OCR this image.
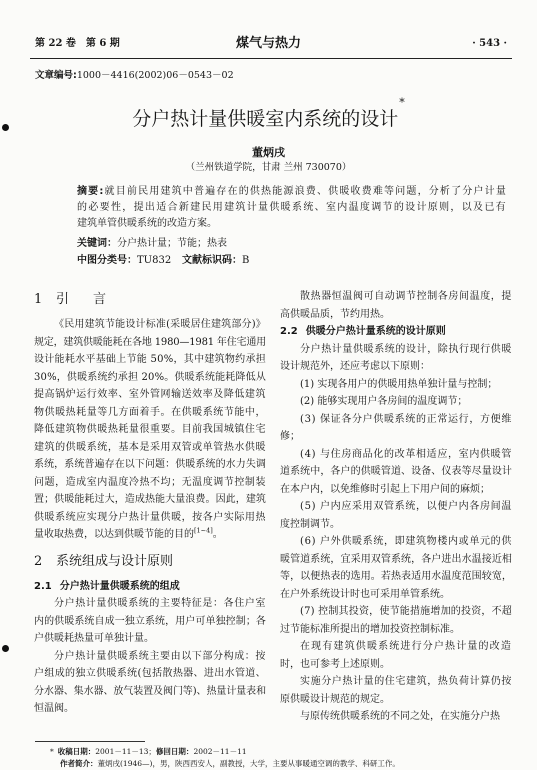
第 22 卷　第 6 期	煤气与热力	· 543 ·
文章编号:1000－4416(2002)06－0543－02
分户热计量供暖室内系统的设计*
董炳戌
（兰州铁道学院，甘肃 兰州 730070）
摘要:就目前民用建筑中普遍存在的供热能源浪费、供暖收费难等问题，分析了分户计量
的必要性，提出适合新建民用建筑计量供暖系统、室内温度调节的设计原则，以及已有
建筑单管供暖系统的改造方案。
关键词：分户热计量；节能；热表
中图分类号：TU832 文献标识码：B
1 引言
《民用建筑节能设计标准(采暖居住建筑部分)》
规定，建筑供暖能耗在各地 1980—1981 年住宅通用
设计能耗水平基础上节能 50%，其中建筑物约承担
30%，供暖系统约承担 20%。供暖系统能耗降低从
提高锅炉运行效率、室外管网输送效率及降低建筑
物供暖热耗量等几方面着手。在供暖系统节能中，
降低建筑物供暖热耗量很重要。目前我国城镇住宅
建筑的供暖系统，基本是采用双管或单管热水供暖
系统，系统普遍存在以下问题：供暖系统的水力失调
问题，造成室内温度冷热不均；无温度调节控制装
置；供暖能耗过大，造成热能大量浪费。因此，建筑
供暖系统应实现分户热计量供暖，按各户实际用热
量收取热费，以达到供暖节能的目的[1~4]。
2 系统组成与设计原则
2.1 分户热计量供暖系统的组成
分户热计量供暖系统的主要特征是：各住户室
内的供暖系统自成一独立系统，用户可单独控制；各
户供暖耗热量可单独计量。
分户热计量供暖系统主要由以下部分构成：按
户组成的独立供暖系统(包括散热器、进出水管道、
分水器、集水器、放气装置及阀门等)、热量计量表和
恒温阀。
散热器恒温阀可自动调节控制各房间温度，提
高供暖品质，节约用热。
2.2 供暖分户热计量系统的设计原则
分户热计量供暖系统的设计，除执行现行供暖
设计规范外，还应考虑以下原则：
(1) 实现各用户的供暖用热单独计量与控制；
(2) 能够实现用户各房间的温度调节；
(3) 保证各分户供暖系统的正常运行，方便维
修；
(4) 与住房商品化的改革相适应，室内供暖管
道系统中，各户的供暖管道、设备、仪表等尽量设计
在本户内，以免维修时引起上下用户间的麻烦；
(5) 户内应采用双管系统，以便户内各房间温
度控制调节。
(6) 户外供暖系统，即建筑物楼内或单元的供
暖管道系统，宜采用双管系统，各户进出水温接近相
等，以便热表的选用。若热表适用水温度范围较宽，
在户外系统设计时也可采用单管系统。
(7) 控制其投资，使节能措施增加的投资，不超
过节能标准所提出的增加投资控制标准。
在现有建筑供暖系统进行分户热计量的改造
时，也可参考上述原则。
实施分户热计量的住宅建筑，热负荷计算仍按
原供暖设计规范的规定。
与原传统供暖系统的不同之处，在实施分户热
* 收稿日期：2001－11－13；修回日期：2002－11－11
作者简介：董炳戌(1946—)，男，陕西西安人，副教授，大学，主要从事暖通空调的教学、科研工作。
